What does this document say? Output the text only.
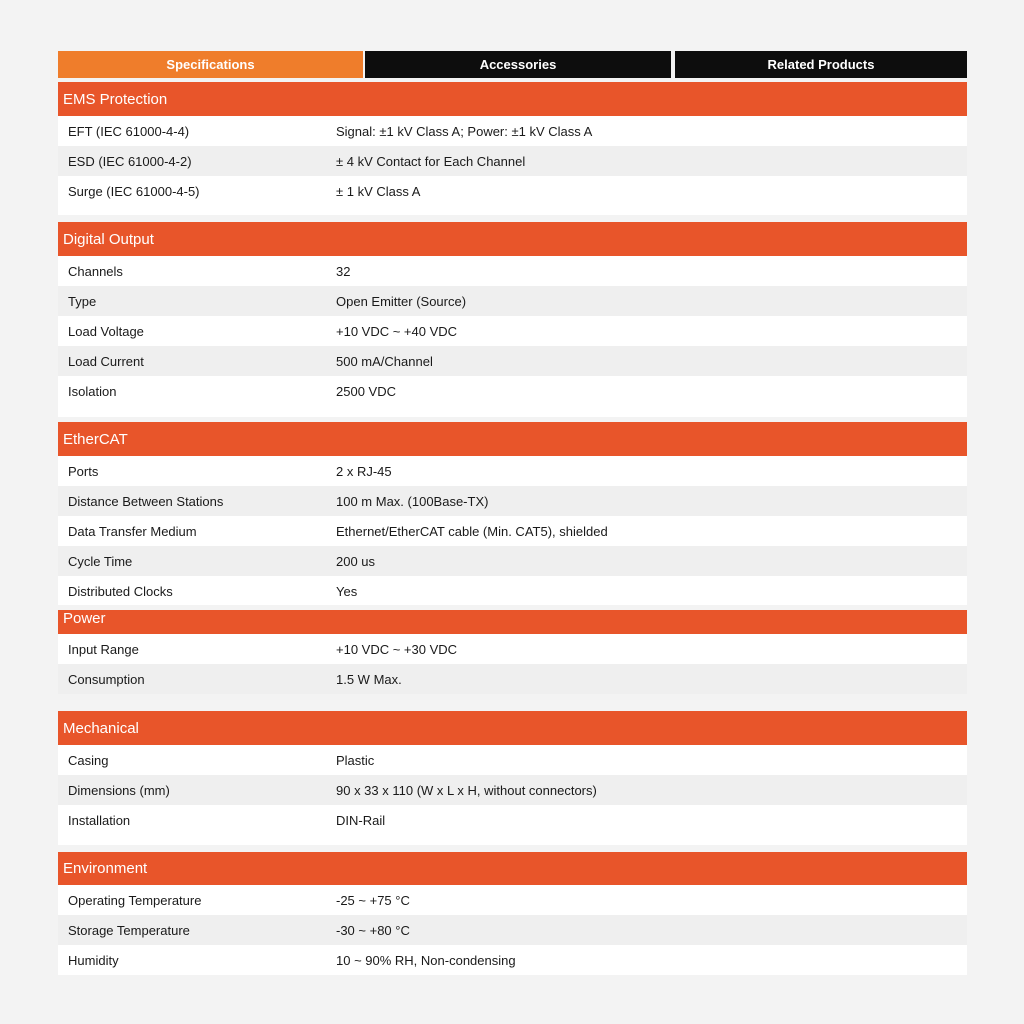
Specifications	Accessories	Related Products
EMS Protection
EFT (IEC 61000-4-4)	Signal: ±1 kV Class A; Power: ±1 kV Class A
ESD (IEC 61000-4-2)	± 4 kV Contact for Each Channel
Surge (IEC 61000-4-5)	± 1 kV Class A
Digital Output
Channels	32
Type	Open Emitter (Source)
Load Voltage	+10 VDC ~ +40 VDC
Load Current	500 mA/Channel
Isolation	2500 VDC
EtherCAT
Ports	2 x RJ-45
Distance Between Stations	100 m Max. (100Base-TX)
Data Transfer Medium	Ethernet/EtherCAT cable (Min. CAT5), shielded
Cycle Time	200 us
Distributed Clocks	Yes
Power
Input Range	+10 VDC ~ +30 VDC
Consumption	1.5 W Max.
Mechanical
Casing	Plastic
Dimensions (mm)	90 x 33 x 110 (W x L x H, without connectors)
Installation	DIN-Rail
Environment
Operating Temperature	-25 ~ +75 °C
Storage Temperature	-30 ~ +80 °C
Humidity	10 ~ 90% RH, Non-condensing
